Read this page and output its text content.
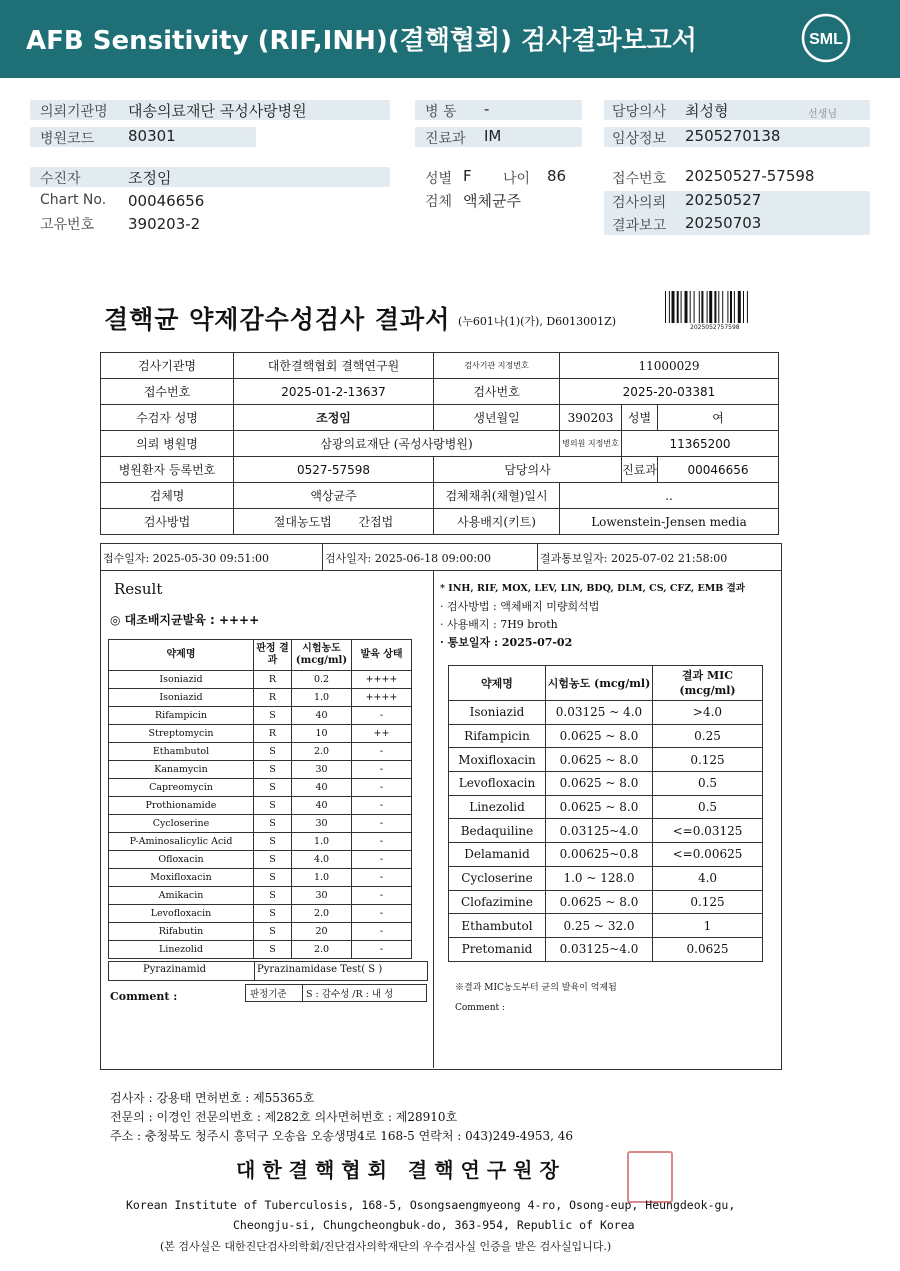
AFB Sensitivity (RIF,INH)(결핵협회) 검사결과보고서	SML
의뢰기관명 대송의료재단 곡성사랑병원
병원코드 80301
병 동 -
진료과 IM
담당의사 최성형	선생님
임상정보 2505270138
수진자	조정임
Chart No. 00046656
고유번호 390203-2
성별 F 나이 86
검체 액체균주
접수번호 20250527-57598
검사의뢰 20250527
결과보고 20250703
결핵균 약제감수성검사 결과서 (누601나(1)(가), D6013001Z)	2025052757598
검사기관명	대한결핵협회 결핵연구원	검사기관 지정번호	11000029		
접수번호	2025-01-2-13637	검사번호	2025-20-03381		
수검자 성명	조정임	생년월일	390203	성별	여
의뢰 병원명	삼광의료재단 (곡성사랑병원)		병의원 지정번호	11365200	
병원환자 등록번호	0527-57598	담당의사		진료과	00046656
검체명	액상균주	검체채취(채혈)일시	..		
검사방법	절대농도법 간접법	사용배지(키트)	Lowenstein-Jensen media		
접수일자: 2025-05-30 09:51:00	검사일자: 2025-06-18 09:00:00	결과통보일자: 2025-07-02 21:58:00
Result
◎ 대조배지균발육 : ++++
약제명	판정 결과	시험농도 (mcg/ml)	발육 상태
Isoniazid	R	0.2	++++
Isoniazid	R	1.0	++++
Rifampicin	S	40	-
Streptomycin	R	10	++
Ethambutol	S	2.0	-
Kanamycin	S	30	-
Capreomycin	S	40	-
Prothionamide	S	40	-
Cycloserine	S	30	-
P-Aminosalicylic Acid	S	1.0	-
Ofloxacin	S	4.0	-
Moxifloxacin	S	1.0	-
Amikacin	S	30	-
Levofloxacin	S	2.0	-
Rifabutin	S	20	-
Linezolid	S	2.0	-
Pyrazinamid	Pyrazinamidase Test( S )
Comment :	판정기준 S : 감수성 /R : 내 성
* INH, RIF, MOX, LEV, LIN, BDQ, DLM, CS, CFZ, EMB 결과
· 검사방법 : 액체배지 미량희석법
· 사용배지 : 7H9 broth
· 통보일자 : 2025-07-02
약제명	시험농도 (mcg/ml)	결과 MIC (mcg/ml)
Isoniazid	0.03125 ~ 4.0	>4.0
Rifampicin	0.0625 ~ 8.0	0.25
Moxifloxacin	0.0625 ~ 8.0	0.125
Levofloxacin	0.0625 ~ 8.0	0.5
Linezolid	0.0625 ~ 8.0	0.5
Bedaquiline	0.03125~4.0	<=0.03125
Delamanid	0.00625~0.8	<=0.00625
Cycloserine	1.0 ~ 128.0	4.0
Clofazimine	0.0625 ~ 8.0	0.125
Ethambutol	0.25 ~ 32.0	1
Pretomanid	0.03125~4.0	0.0625
※결과 MIC농도부터 균의 발육이 억제됨
Comment :
검사자 : 강용태 면허번호 : 제55365호
전문의 : 이경인 전문의번호 : 제282호 의사면허번호 : 제28910호
주소 : 충청북도 청주시 흥덕구 오송읍 오송생명4로 168-5 연락처 : 043)249-4953, 46
대한결핵협회 결핵연구원장
Korean Institute of Tuberculosis, 168-5, Osongsaengmyeong 4-ro, Osong-eup, Heungdeok-gu,
Cheongju-si, Chungcheongbuk-do, 363-954, Republic of Korea
(본 검사실은 대한진단검사의학회/진단검사의학재단의 우수검사실 인증을 받은 검사실입니다.)
